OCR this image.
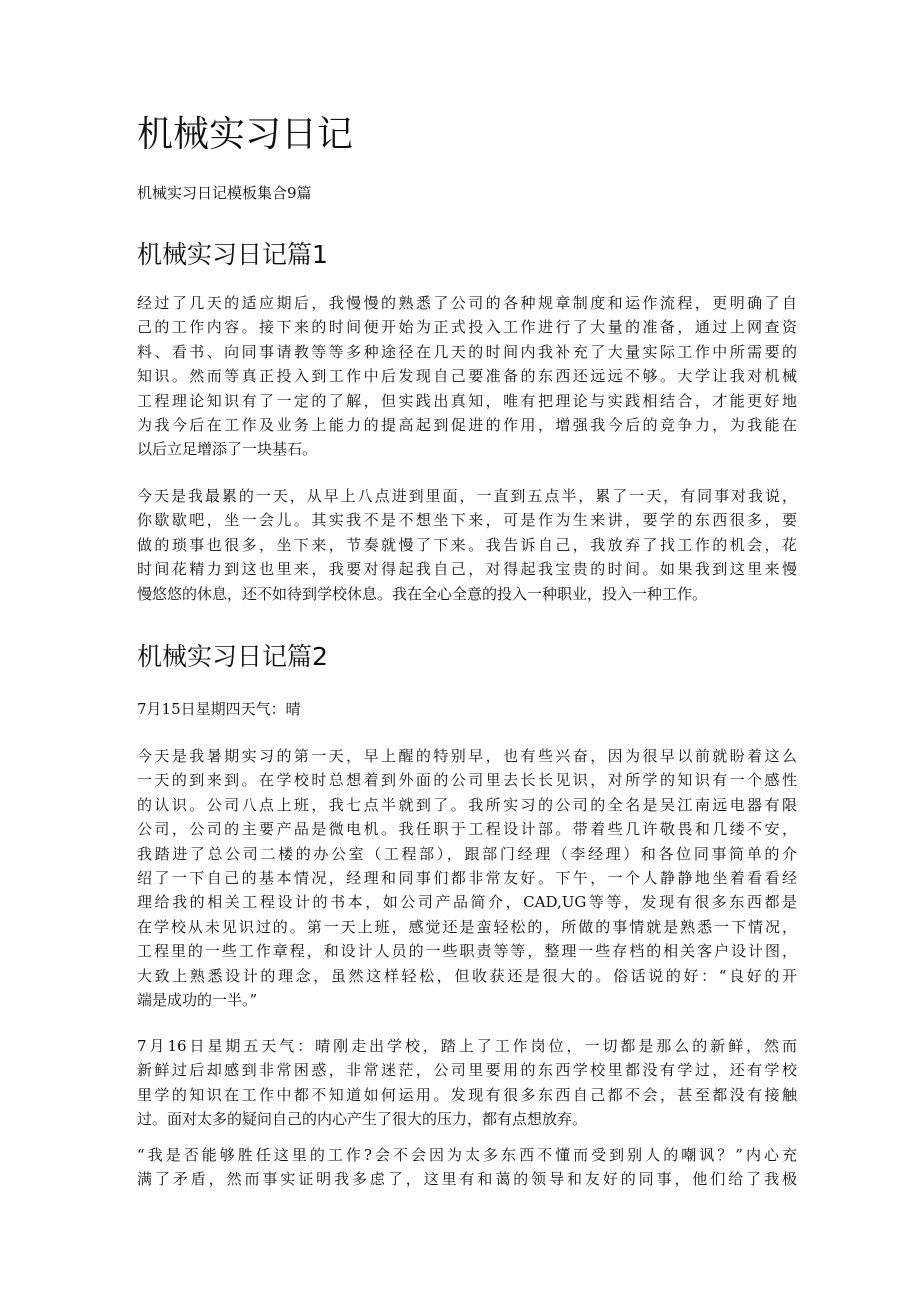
机械实习日记

机械实习日记模板集合9篇

机械实习日记篇1

经过了几天的适应期后，我慢慢的熟悉了公司的各种规章制度和运作流程，更明确了自
己的工作内容。接下来的时间便开始为正式投入工作进行了大量的准备，通过上网查资
料、看书、向同事请教等等多种途径在几天的时间内我补充了大量实际工作中所需要的
知识。然而等真正投入到工作中后发现自己要准备的东西还远远不够。大学让我对机械
工程理论知识有了一定的了解，但实践出真知，唯有把理论与实践相结合，才能更好地
为我今后在工作及业务上能力的提高起到促进的作用，增强我今后的竞争力，为我能在
以后立足增添了一块基石。

今天是我最累的一天，从早上八点进到里面，一直到五点半，累了一天，有同事对我说，
你歇歇吧，坐一会儿。其实我不是不想坐下来，可是作为生来讲，要学的东西很多，要
做的琐事也很多，坐下来，节奏就慢了下来。我告诉自己，我放弃了找工作的机会，花
时间花精力到这也里来，我要对得起我自己，对得起我宝贵的时间。如果我到这里来慢
慢悠悠的休息，还不如待到学校休息。我在全心全意的投入一种职业，投入一种工作。

机械实习日记篇2

7月15日星期四天气：晴

今天是我暑期实习的第一天，早上醒的特别早，也有些兴奋，因为很早以前就盼着这么
一天的到来到。在学校时总想着到外面的公司里去长长见识，对所学的知识有一个感性
的认识。公司八点上班，我七点半就到了。我所实习的公司的全名是吴江南远电器有限
公司，公司的主要产品是微电机。我任职于工程设计部。带着些几许敬畏和几缕不安，
我踏进了总公司二楼的办公室（工程部），跟部门经理（李经理）和各位同事简单的介
绍了一下自己的基本情况，经理和同事们都非常友好。下午，一个人静静地坐着看看经
理给我的相关工程设计的书本，如公司产品简介，CAD,UG等等，发现有很多东西都是
在学校从未见识过的。第一天上班，感觉还是蛮轻松的，所做的事情就是熟悉一下情况，
工程里的一些工作章程，和设计人员的一些职责等等，整理一些存档的相关客户设计图，
大致上熟悉设计的理念，虽然这样轻松，但收获还是很大的。俗话说的好：“良好的开
端是成功的一半。”

7月16日星期五天气：晴刚走出学校，踏上了工作岗位，一切都是那么的新鲜，然而
新鲜过后却感到非常困惑，非常迷茫，公司里要用的东西学校里都没有学过，还有学校
里学的知识在工作中都不知道如何运用。发现有很多东西自己都不会，甚至都没有接触
过。面对太多的疑问自己的内心产生了很大的压力，都有点想放弃。

“我是否能够胜任这里的工作?会不会因为太多东西不懂而受到别人的嘲讽？”内心充
满了矛盾，然而事实证明我多虑了，这里有和蔼的领导和友好的同事，他们给了我极
